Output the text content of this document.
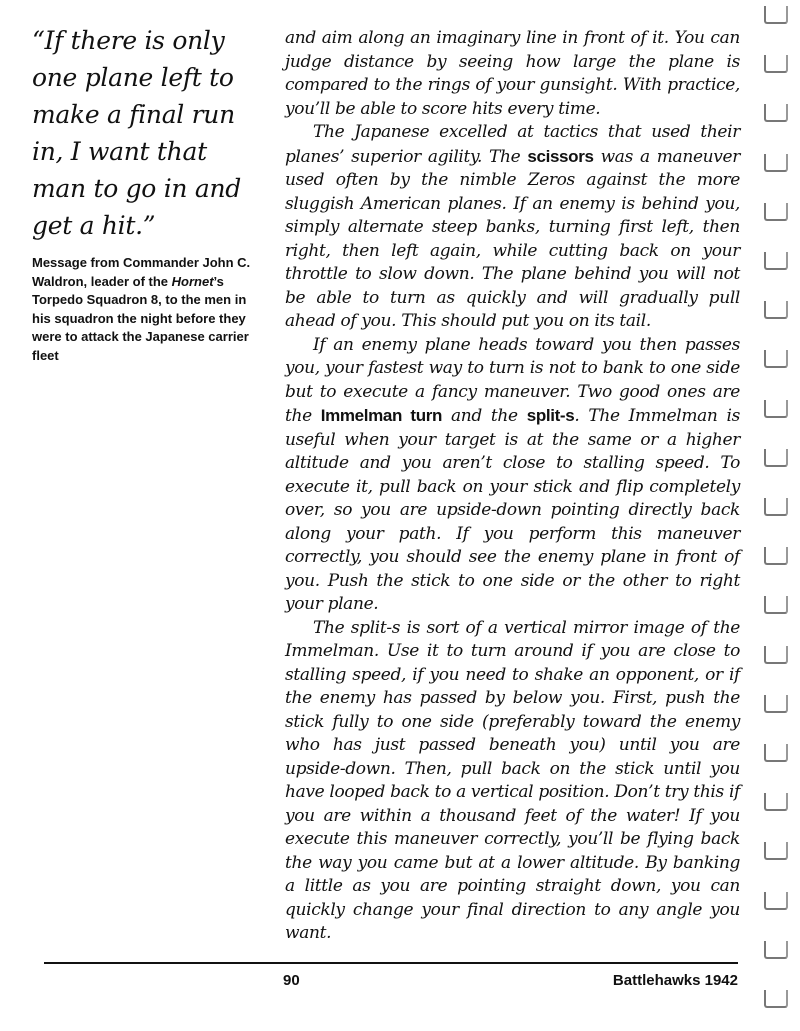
“If there is only one plane left to make a final run in, I want that man to go in and get a hit.”

Message from Commander John C. Waldron, leader of the Hornet’s Torpedo Squadron 8, to the men in his squadron the night before they were to attack the Japanese carrier fleet

and aim along an imaginary line in front of it. You can judge distance by seeing how large the plane is compared to the rings of your gunsight. With practice, you’ll be able to score hits every time.

The Japanese excelled at tactics that used their planes’ superior agility. The scissors was a maneuver used often by the nimble Zeros against the more sluggish American planes. If an enemy is behind you, simply alternate steep banks, turning first left, then right, then left again, while cutting back on your throttle to slow down. The plane behind you will not be able to turn as quickly and will gradually pull ahead of you. This should put you on its tail.

If an enemy plane heads toward you then passes you, your fastest way to turn is not to bank to one side but to execute a fancy maneuver. Two good ones are the Immelman turn and the split-s. The Immelman is useful when your target is at the same or a higher altitude and you aren’t close to stalling speed. To execute it, pull back on your stick and flip completely over, so you are upside-down pointing directly back along your path. If you perform this maneuver correctly, you should see the enemy plane in front of you. Push the stick to one side or the other to right your plane.

The split-s is sort of a vertical mirror image of the Immelman. Use it to turn around if you are close to stalling speed, if you need to shake an opponent, or if the enemy has passed by below you. First, push the stick fully to one side (preferably toward the enemy who has just passed beneath you) until you are upside-down. Then, pull back on the stick until you have looped back to a vertical position. Don’t try this if you are within a thousand feet of the water! If you execute this maneuver correctly, you’ll be flying back the way you came but at a lower altitude. By banking a little as you are pointing straight down, you can quickly change your final direction to any angle you want.

90	Battlehawks 1942
